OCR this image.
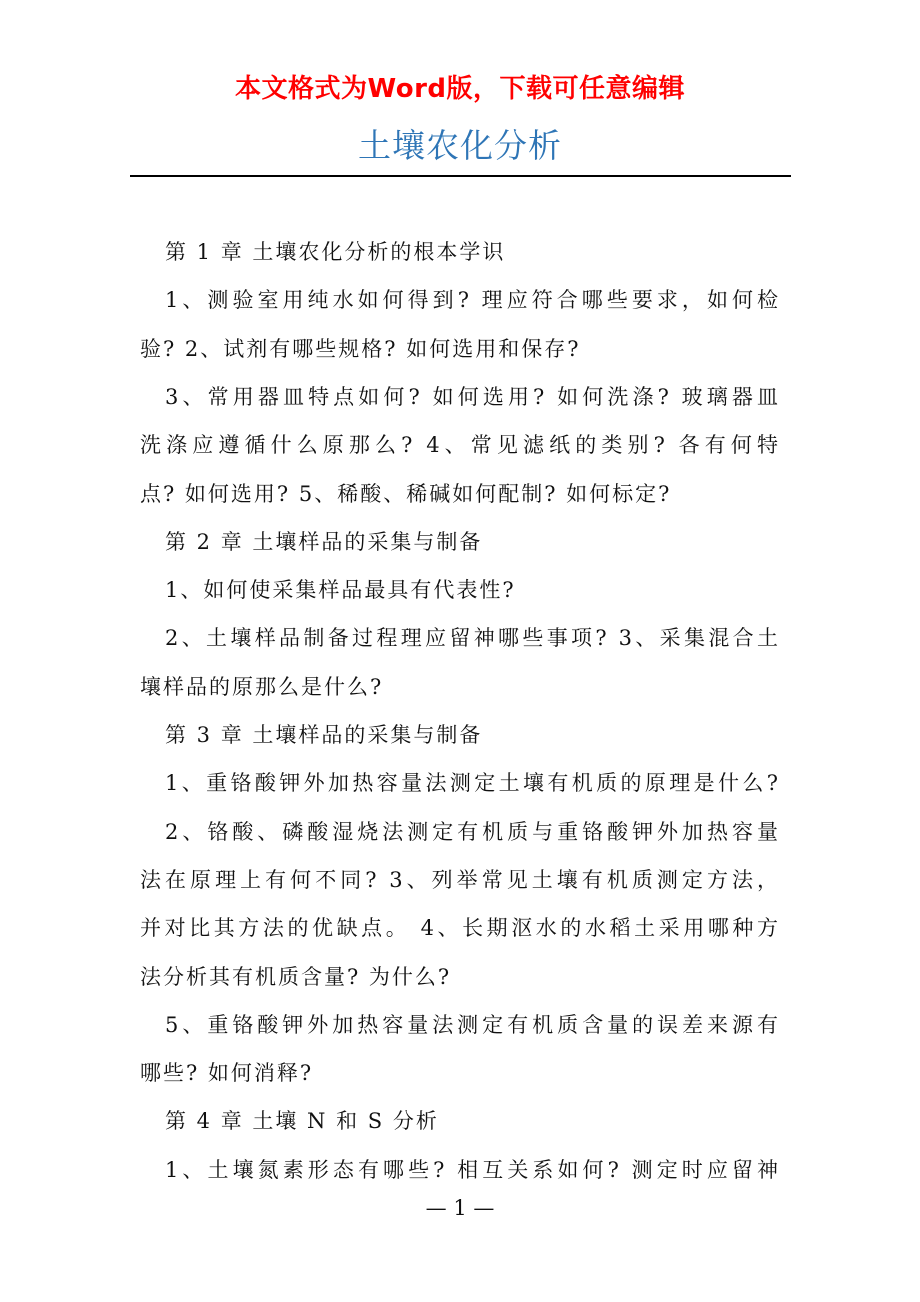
本文格式为Word版，下载可任意编辑
土壤农化分析
第 1 章 土壤农化分析的根本学识
1、测验室用纯水如何得到? 理应符合哪些要求，如何检
验? 2、试剂有哪些规格? 如何选用和保存?
3、常用器皿特点如何? 如何选用? 如何洗涤? 玻璃器皿
洗涤应遵循什么原那么? 4、常见滤纸的类别? 各有何特
点? 如何选用? 5、稀酸、稀碱如何配制? 如何标定?
第 2 章 土壤样品的采集与制备
1、如何使采集样品最具有代表性?
2、土壤样品制备过程理应留神哪些事项? 3、采集混合土
壤样品的原那么是什么?
第 3 章 土壤样品的采集与制备
1、重铬酸钾外加热容量法测定土壤有机质的原理是什么?
2、铬酸、磷酸湿烧法测定有机质与重铬酸钾外加热容量
法在原理上有何不同? 3、列举常见土壤有机质测定方法，
并对比其方法的优缺点。 4、长期沤水的水稻土采用哪种方
法分析其有机质含量? 为什么?
5、重铬酸钾外加热容量法测定有机质含量的误差来源有
哪些? 如何消释?
第 4 章 土壤 N 和 S 分析
1、土壤氮素形态有哪些? 相互关系如何? 测定时应留神
— 1 —
